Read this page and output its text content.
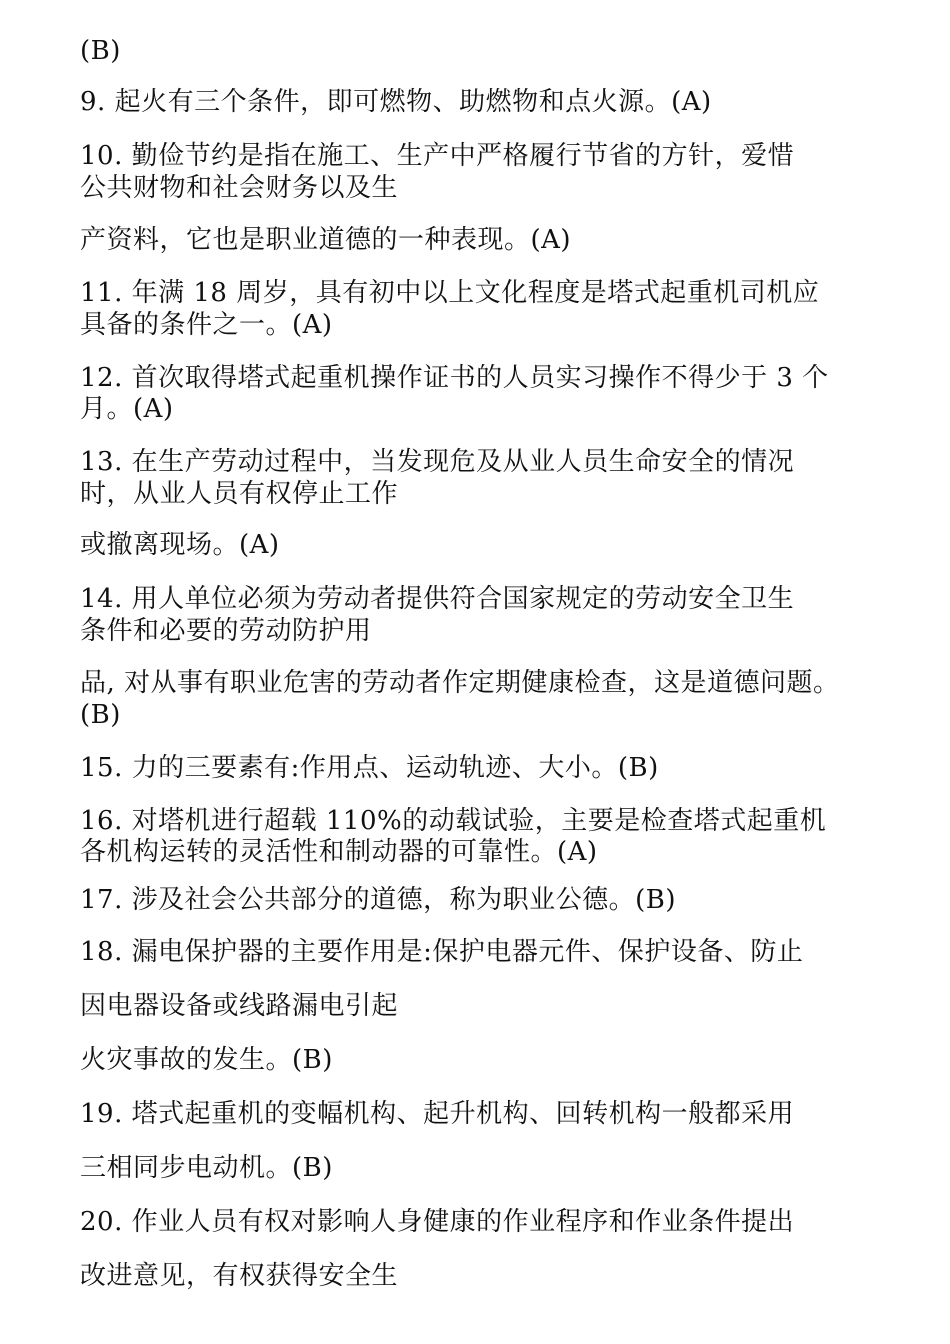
(B)
9. 起火有三个条件，即可燃物、助燃物和点火源。(A)
10. 勤俭节约是指在施工、生产中严格履行节省的方针，爱惜
公共财物和社会财务以及生
产资料，它也是职业道德的一种表现。(A)
11. 年满 18 周岁，具有初中以上文化程度是塔式起重机司机应
具备的条件之一。(A)
12. 首次取得塔式起重机操作证书的人员实习操作不得少于 3 个
月。(A)
13. 在生产劳动过程中，当发现危及从业人员生命安全的情况
时，从业人员有权停止工作
或撤离现场。(A)
14. 用人单位必须为劳动者提供符合国家规定的劳动安全卫生
条件和必要的劳动防护用
品, 对从事有职业危害的劳动者作定期健康检查，这是道德问题。
(B)
15. 力的三要素有:作用点、运动轨迹、大小。(B)
16. 对塔机进行超载 110%的动载试验，主要是检查塔式起重机
各机构运转的灵活性和制动器的可靠性。(A)
17. 涉及社会公共部分的道德，称为职业公德。(B)
18. 漏电保护器的主要作用是:保护电器元件、保护设备、防止
因电器设备或线路漏电引起
火灾事故的发生。(B)
19. 塔式起重机的变幅机构、起升机构、回转机构一般都采用
三相同步电动机。(B)
20. 作业人员有权对影响人身健康的作业程序和作业条件提出
改进意见，有权获得安全生
